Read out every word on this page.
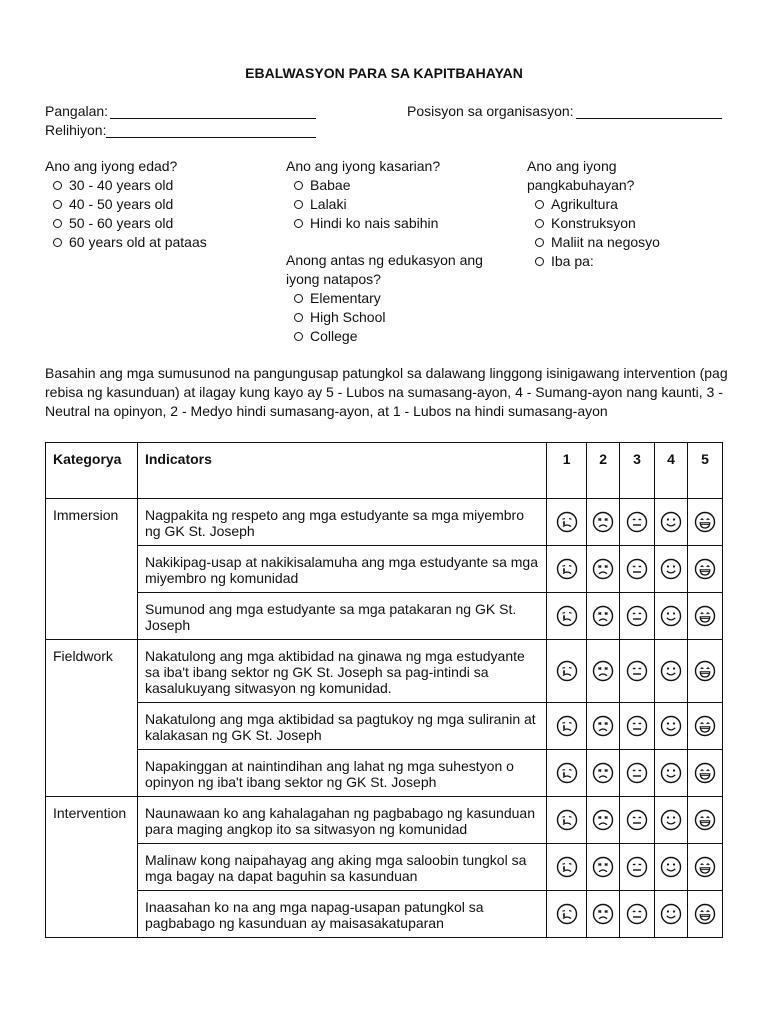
EBALWASYON PARA SA KAPITBAHAYAN
Pangalan:	Posisyon sa organisasyon:
Relihiyon:
Ano ang iyong edad?
30 - 40 years old
40 - 50 years old
50 - 60 years old
60 years old at pataas
Ano ang iyong kasarian?
Babae
Lalaki
Hindi ko nais sabihin
Anong antas ng edukasyon ang
iyong natapos?
Elementary
High School
College
Ano ang iyong
pangkabuhayan?
Agrikultura
Konstruksyon
Maliit na negosyo
Iba pa:
Basahin ang mga sumusunod na pangungusap patungkol sa dalawang linggong isinigawang intervention (pag rebisa ng kasunduan) at ilagay kung kayo ay 5 - Lubos na sumasang-ayon, 4 - Sumang-ayon nang kaunti, 3 - Neutral na opinyon, 2 - Medyo hindi sumasang-ayon, at 1 - Lubos na hindi sumasang-ayon
Kategorya	Indicators	1	2	3	4	5
Immersion	Nagpakita ng respeto ang mga estudyante sa mga miyembro ng GK St. Joseph	

	Nakikipag-usap at nakikisalamuha ang mga estudyante sa mga miyembro ng komunidad	

	Sumunod ang mga estudyante sa mga patakaran ng GK St. Joseph	

Fieldwork	Nakatulong ang mga aktibidad na ginawa ng mga estudyante sa iba't ibang sektor ng GK St. Joseph sa pag-intindi sa kasalukuyang sitwasyon ng komunidad.	

	Nakatulong ang mga aktibidad sa pagtukoy ng mga suliranin at kalakasan ng GK St. Joseph	

	Napakinggan at naintindihan ang lahat ng mga suhestyon o opinyon ng iba't ibang sektor ng GK St. Joseph	

Intervention	Naunawaan ko ang kahalagahan ng pagbabago ng kasunduan para maging angkop ito sa sitwasyon ng komunidad	

	Malinaw kong naipahayag ang aking mga saloobin tungkol sa mga bagay na dapat baguhin sa kasunduan	

	Inaasahan ko na ang mga napag-usapan patungkol sa pagbabago ng kasunduan ay maisasakatuparan	
